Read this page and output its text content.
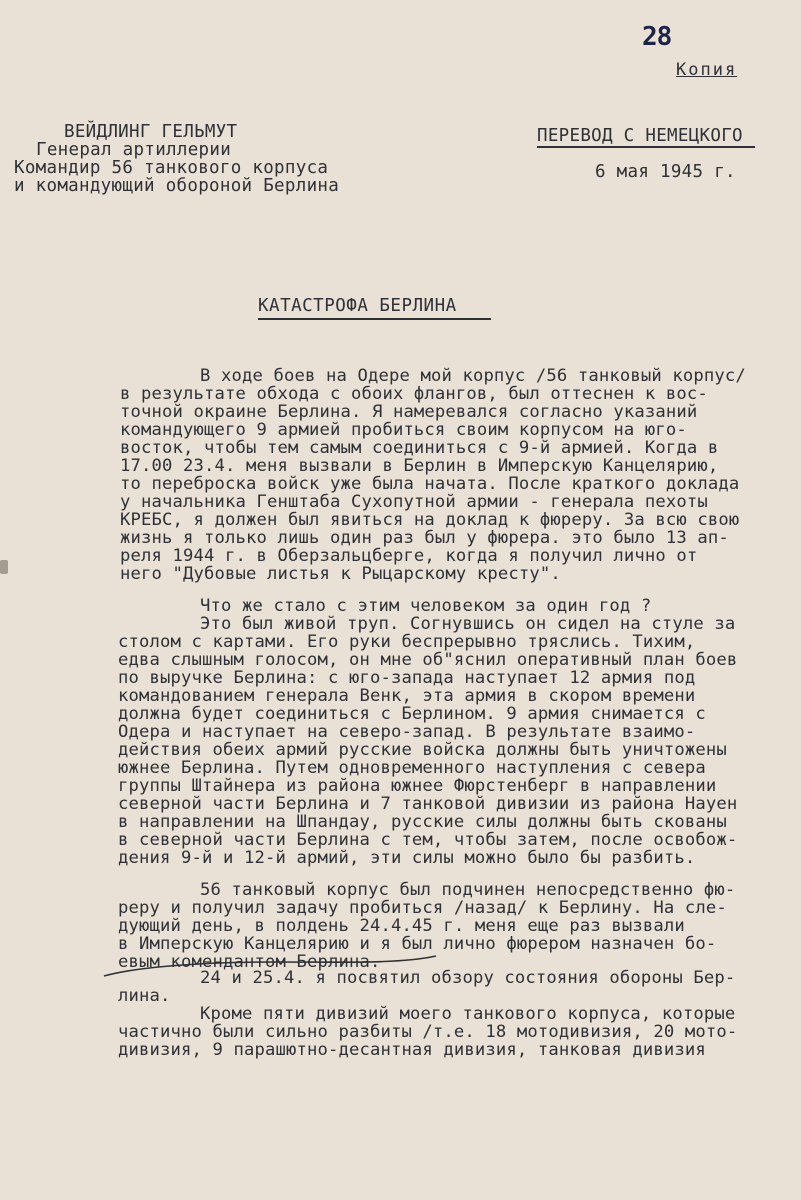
28
Копия
ВЕЙДЛИНГ ГЕЛЬМУТ
Генерал артиллерии
Командир 56 танкового корпуса
и командующий обороной Берлина
ПЕРЕВОД С НЕМЕЦКОГО
6 мая 1945 г.
КАТАСТРОФА БЕРЛИНА
В ходе боев на Одере мой корпус /56 танковый корпус/
в результате обхода с обоих флангов, был оттеснен к вос-
точной окраине Берлина. Я намеревался согласно указаний
командующего 9 армией пробиться своим корпусом на юго-
восток, чтобы тем самым соединиться с 9-й армией. Когда в
17.00 23.4. меня вызвали в Берлин в Имперскую Канцелярию,
то переброска войск уже была начата. После краткого доклада
у начальника Генштаба Сухопутной армии - генерала пехоты
КРЕБС, я должен был явиться на доклад к фюреру. За всю свою
жизнь я только лишь один раз был у фюрера. это было 13 ап-
реля 1944 г. в Оберзальцберге, когда я получил лично от
него "Дубовые листья к Рыцарскому кресту".
Что же стало с этим человеком за один год ?
Это был живой труп. Согнувшись он сидел на стуле за
столом с картами. Его руки беспрерывно тряслись. Тихим,
едва слышным голосом, он мне об"яснил оперативный план боев
по выручке Берлина: с юго-запада наступает 12 армия под
командованием генерала Венк, эта армия в скором времени
должна будет соединиться с Берлином. 9 армия снимается с
Одера и наступает на северо-запад. В результате взаимо-
действия обеих армий русские войска должны быть уничтожены
южнее Берлина. Путем одновременного наступления с севера
группы Штайнера из района южнее Фюрстенберг в направлении
северной части Берлина и 7 танковой дивизии из района Науен
в направлении на Шпандау, русские силы должны быть скованы
в северной части Берлина с тем, чтобы затем, после освобож-
дения 9-й и 12-й армий, эти силы можно было бы разбить.
56 танковый корпус был подчинен непосредственно фю-
реру и получил задачу пробиться /назад/ к Берлину. На сле-
дующий день, в полдень 24.4.45 г. меня еще раз вызвали
в Имперскую Канцелярию и я был лично фюрером назначен бо-
евым комендантом Берлина.
24 и 25.4. я посвятил обзору состояния обороны Бер-
лина.
Кроме пяти дивизий моего танкового корпуса, которые
частично были сильно разбиты /т.е. 18 мотодивизия, 20 мото-
дивизия, 9 парашютно-десантная дивизия, танковая дивизия
